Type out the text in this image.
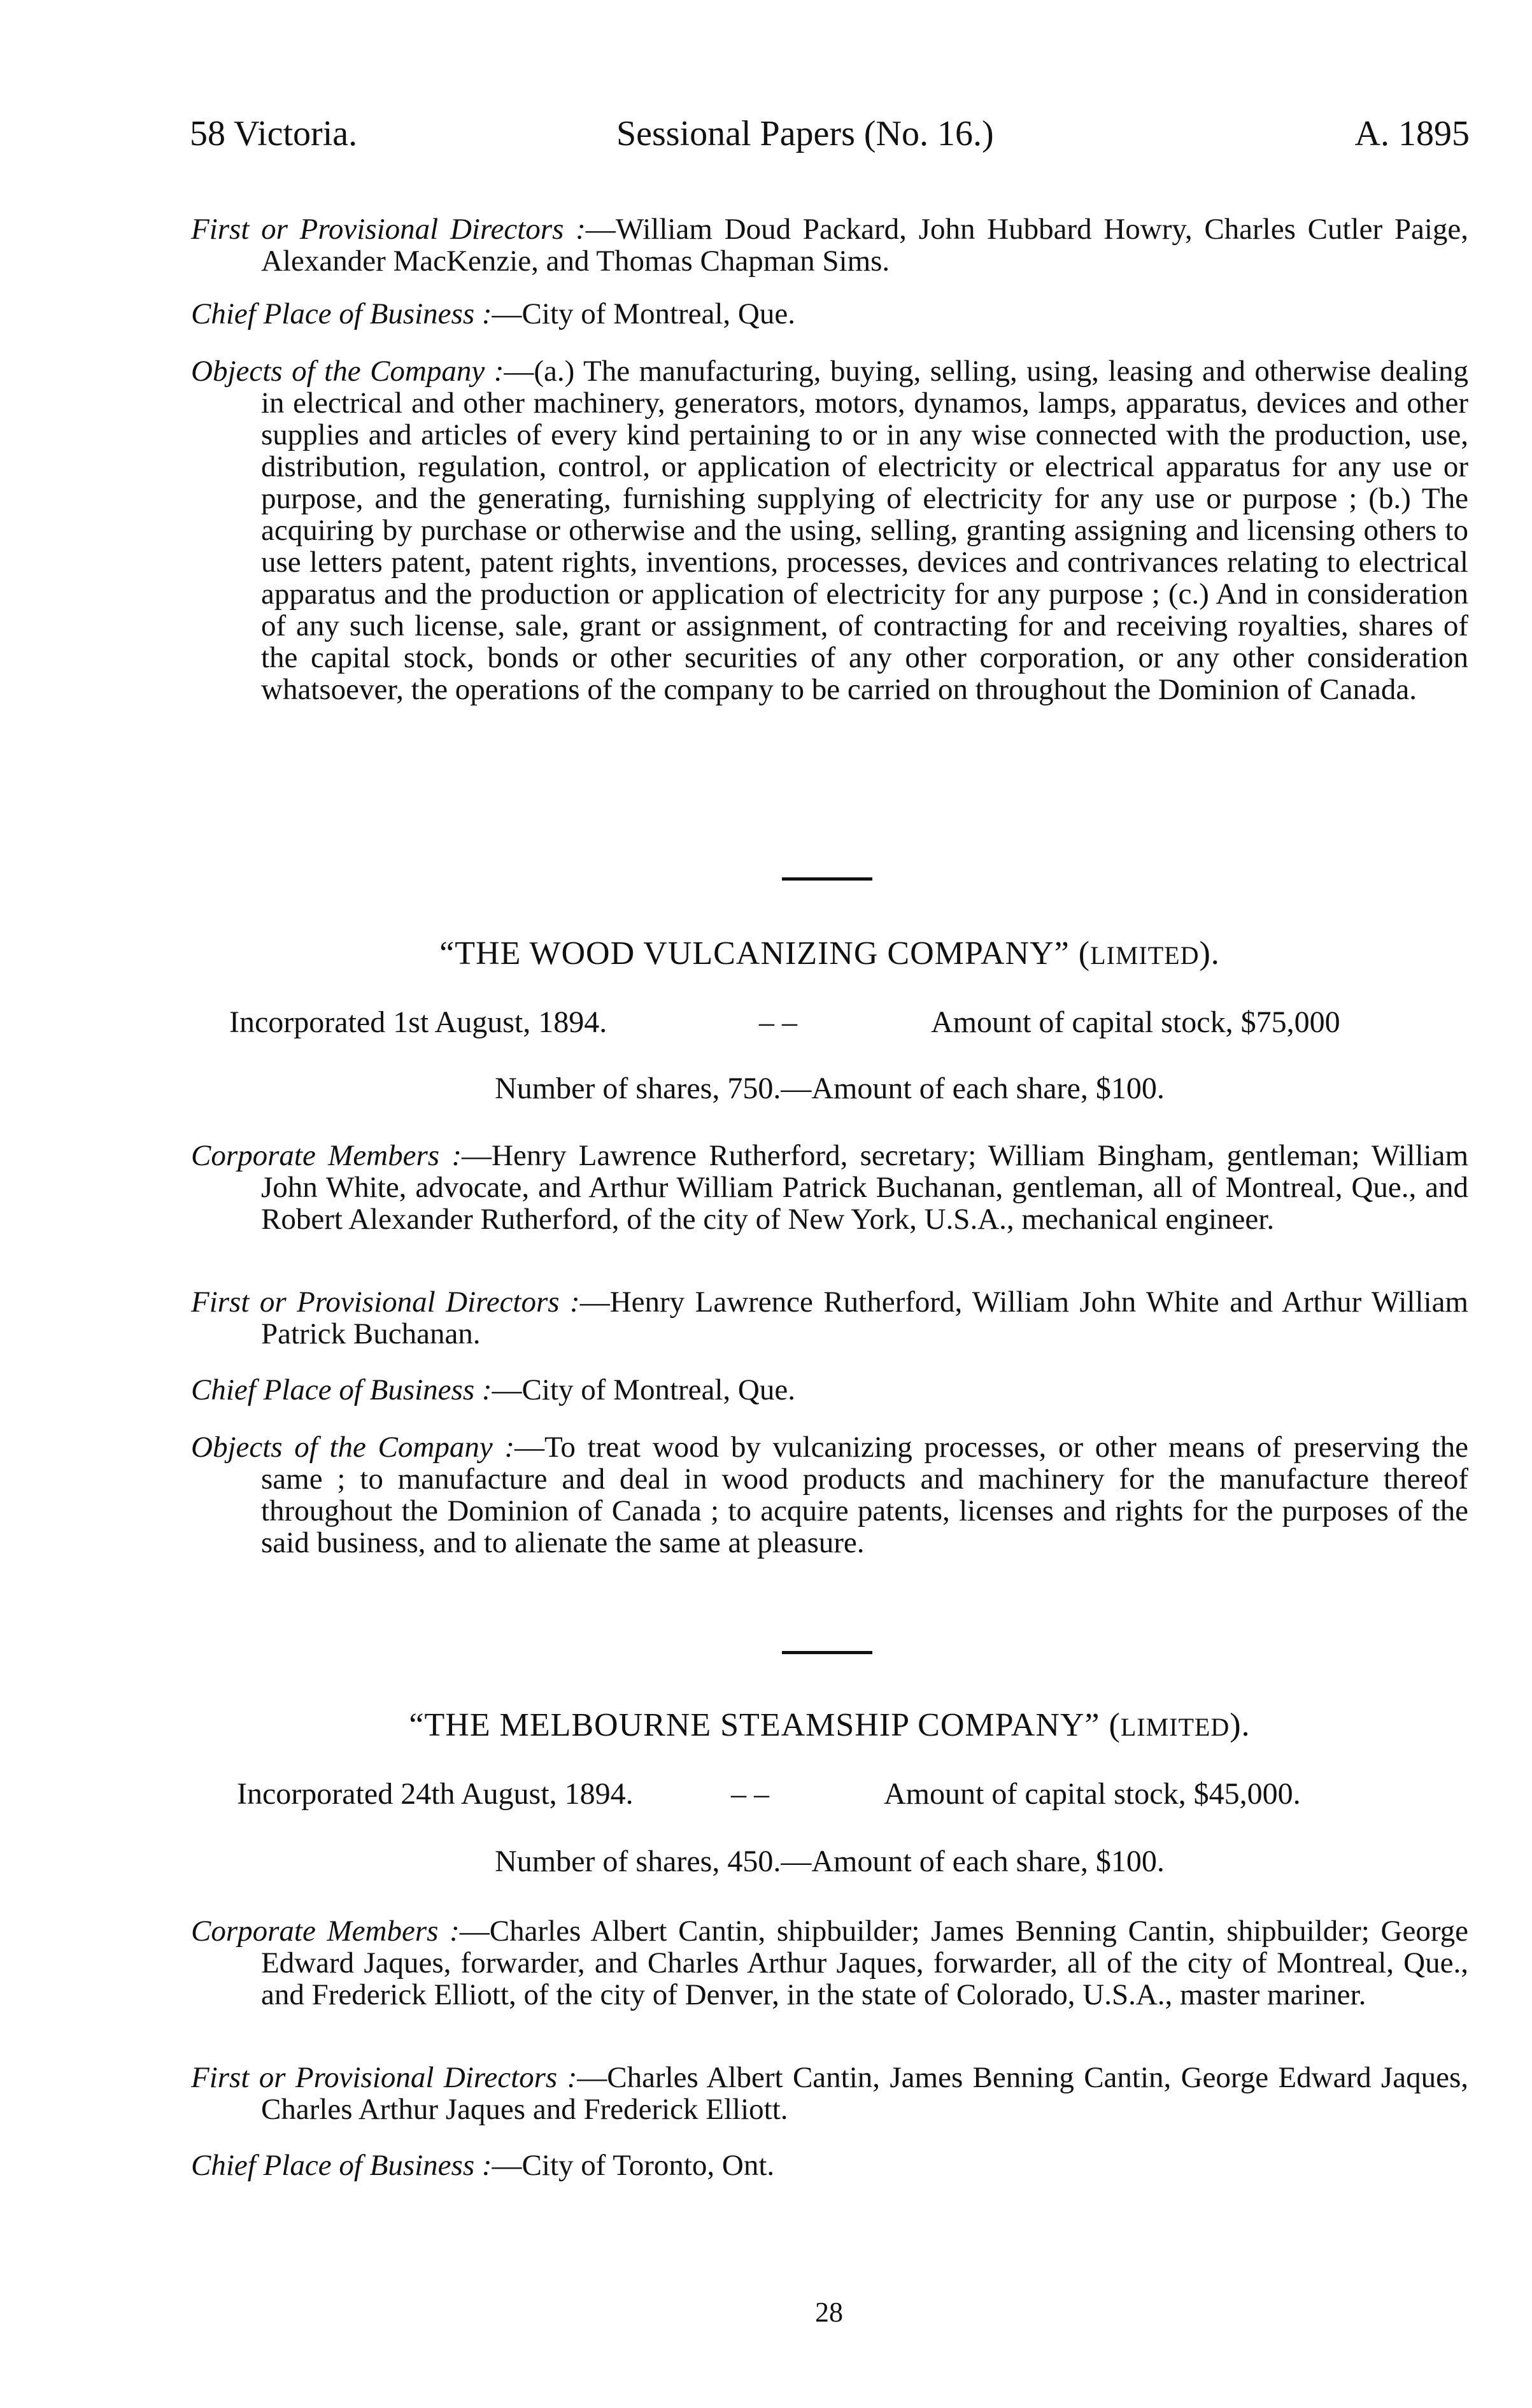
58 Victoria.	Sessional Papers (No. 16.)	A. 1895
First or Provisional Directors :—William Doud Packard, John Hubbard Howry, Charles Cutler Paige, Alexander MacKenzie, and Thomas Chapman Sims.
Chief Place of Business :—City of Montreal, Que.
Objects of the Company :—(a.) The manufacturing, buying, selling, using, leasing and otherwise dealing in electrical and other machinery, generators, motors, dynamos, lamps, apparatus, devices and other supplies and articles of every kind pertaining to or in any wise connected with the production, use, distribution, regulation, control, or application of electricity or electrical apparatus for any use or purpose, and the generating, furnishing supplying of electricity for any use or purpose ; (b.) The acquiring by purchase or otherwise and the using, selling, granting assigning and licensing others to use letters patent, patent rights, inventions, processes, devices and contrivances relating to electrical apparatus and the production or application of electricity for any purpose ; (c.) And in consideration of any such license, sale, grant or assignment, of contracting for and receiving royalties, shares of the capital stock, bonds or other securities of any other corporation, or any other consideration whatsoever, the operations of the company to be carried on throughout the Dominion of Canada.
“THE WOOD VULCANIZING COMPANY” (LIMITED).
Incorporated 1st August, 1894.	– –	Amount of capital stock, $75,000
Number of shares, 750.—Amount of each share, $100.
Corporate Members :—Henry Lawrence Rutherford, secretary; William Bingham, gentleman; William John White, advocate, and Arthur William Patrick Buchanan, gentleman, all of Montreal, Que., and Robert Alexander Rutherford, of the city of New York, U.S.A., mechanical engineer.
First or Provisional Directors :—Henry Lawrence Rutherford, William John White and Arthur William Patrick Buchanan.
Chief Place of Business :—City of Montreal, Que.
Objects of the Company :—To treat wood by vulcanizing processes, or other means of preserving the same ; to manufacture and deal in wood products and machinery for the manufacture thereof throughout the Dominion of Canada ; to acquire patents, licenses and rights for the purposes of the said business, and to alienate the same at pleasure.
“THE MELBOURNE STEAMSHIP COMPANY” (LIMITED).
Incorporated 24th August, 1894.	– –	Amount of capital stock, $45,000.
Number of shares, 450.—Amount of each share, $100.
Corporate Members :—Charles Albert Cantin, shipbuilder; James Benning Cantin, shipbuilder; George Edward Jaques, forwarder, and Charles Arthur Jaques, forwarder, all of the city of Montreal, Que., and Frederick Elliott, of the city of Denver, in the state of Colorado, U.S.A., master mariner.
First or Provisional Directors :—Charles Albert Cantin, James Benning Cantin, George Edward Jaques, Charles Arthur Jaques and Frederick Elliott.
Chief Place of Business :—City of Toronto, Ont.
28
